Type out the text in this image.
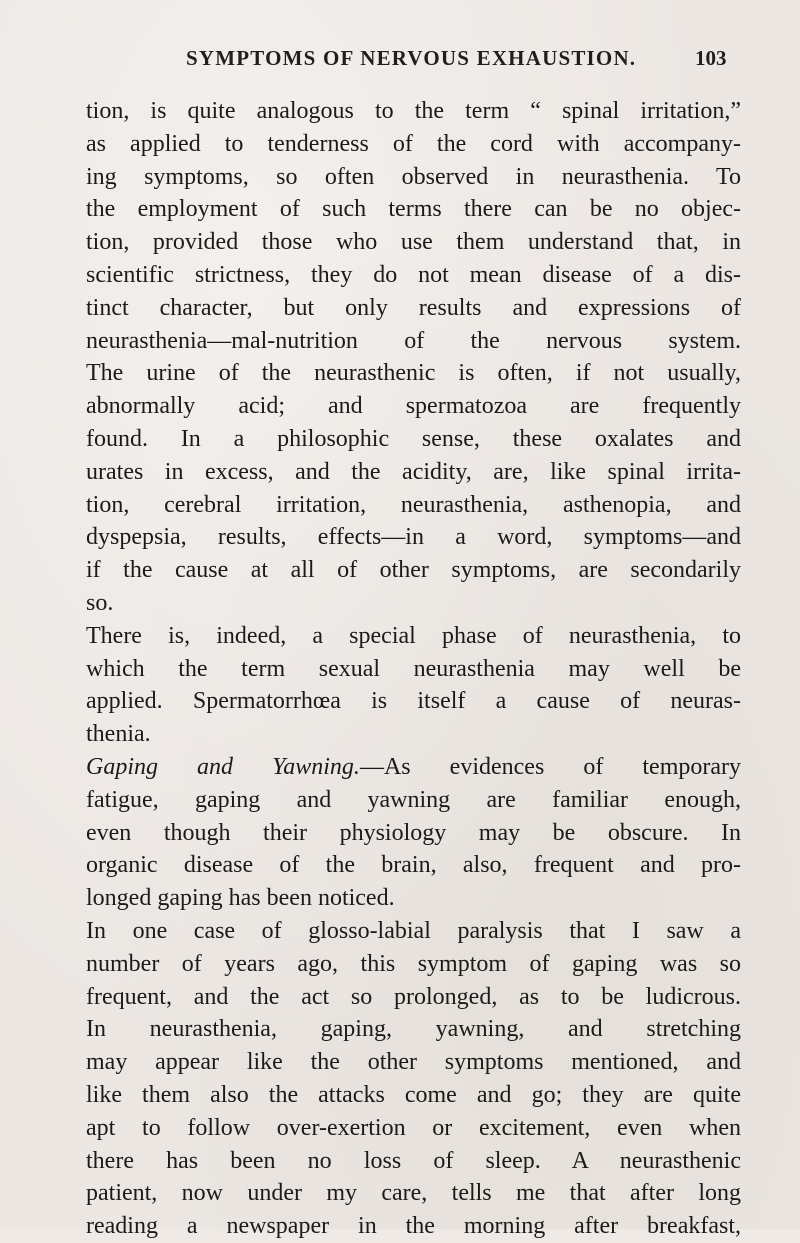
SYMPTOMS OF NERVOUS EXHAUSTION.	103
tion, is quite analogous to the term “ spinal irritation,”
as applied to tenderness of the cord with accompany-
ing symptoms, so often observed in neurasthenia. To
the employment of such terms there can be no objec-
tion, provided those who use them understand that, in
scientific strictness, they do not mean disease of a dis-
tinct character, but only results and expressions of
neurasthenia—mal-nutrition of the nervous system.
The urine of the neurasthenic is often, if not usually,
abnormally acid; and spermatozoa are frequently
found. In a philosophic sense, these oxalates and
urates in excess, and the acidity, are, like spinal irrita-
tion, cerebral irritation, neurasthenia, asthenopia, and
dyspepsia, results, effects—in a word, symptoms—and
if the cause at all of other symptoms, are secondarily
so.
There is, indeed, a special phase of neurasthenia, to
which the term sexual neurasthenia may well be
applied. Spermatorrhœa is itself a cause of neuras-
thenia.
Gaping and Yawning.—As evidences of temporary
fatigue, gaping and yawning are familiar enough,
even though their physiology may be obscure. In
organic disease of the brain, also, frequent and pro-
longed gaping has been noticed.
In one case of glosso-labial paralysis that I saw a
number of years ago, this symptom of gaping was so
frequent, and the act so prolonged, as to be ludicrous.
In neurasthenia, gaping, yawning, and stretching
may appear like the other symptoms mentioned, and
like them also the attacks come and go; they are quite
apt to follow over-exertion or excitement, even when
there has been no loss of sleep. A neurasthenic
patient, now under my care, tells me that after long
reading a newspaper in the morning after breakfast,
